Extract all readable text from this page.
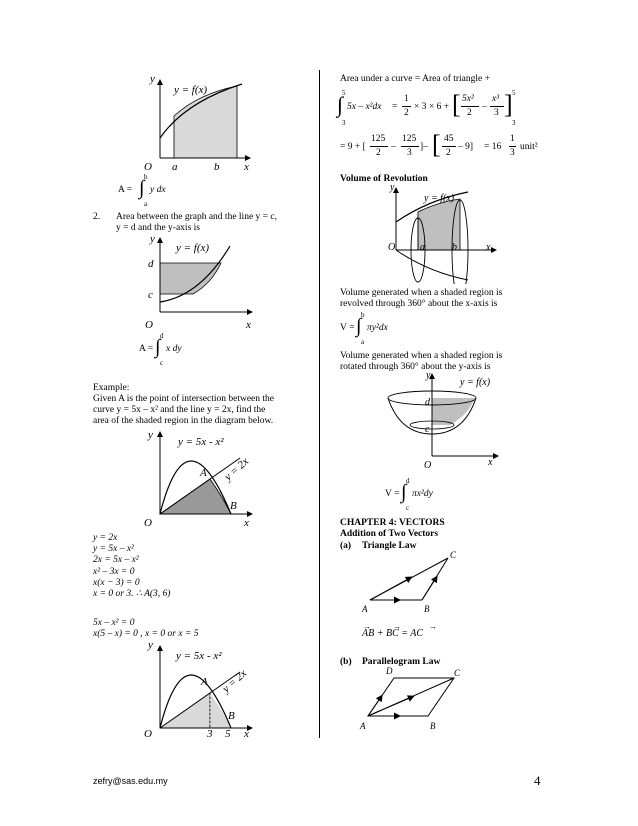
y
y = f(x)
O a	b x
A =
b
∫
a
y dx
2. Area between the graph and the line y = c,
y = d and the y-axis is
y
y = f(x)
d
c
O	x
A =
d
∫
c
x dy
Example:
Given A is the point of intersection between the
curve y = 5x – x² and the line y = 2x, find the
area of the shaded region in the diagram below.
y
y = 5x - x²
y = 2x
A
B
O	x
y = 2x
y = 5x – x²
2x = 5x – x²
x² – 3x = 0
x(x − 3) = 0
x = 0 or 3. ∴ A(3, 6)
5x – x² = 0
x(5 – x) = 0 , x = 0 or x = 5
y
y = 5x - x²
y = 2x
A
B
O	3 5 x
Area under a curve = Area of triangle +
5
∫
3
5x – x²dx =
1
2
× 3 × 6 + [ 5x²
2
–
x³
3 ] 5
3
= 9 + [
125
2
–
125
3
]– [ 45
2
– 9] = 16
1
3
unit²
Volume of Revolution
y
y = f(x)
O a	b	x
Volume generated when a shaded region is
revolved through 360° about the x-axis is
V =
b
∫
a
πy²dx
Volume generated when a shaded region is
rotated through 360° about the y-axis is
y
y = f(x)
d
c
O	x
V =
d
∫
c
πx²dy
CHAPTER 4: VECTORS
Addition of Two Vectors
(a) Triangle Law
A	B
C
→   →    →
AB + BC = AC
(b) Parallelogram Law
A	B
C
D
zefry@sas.edu.my	4
